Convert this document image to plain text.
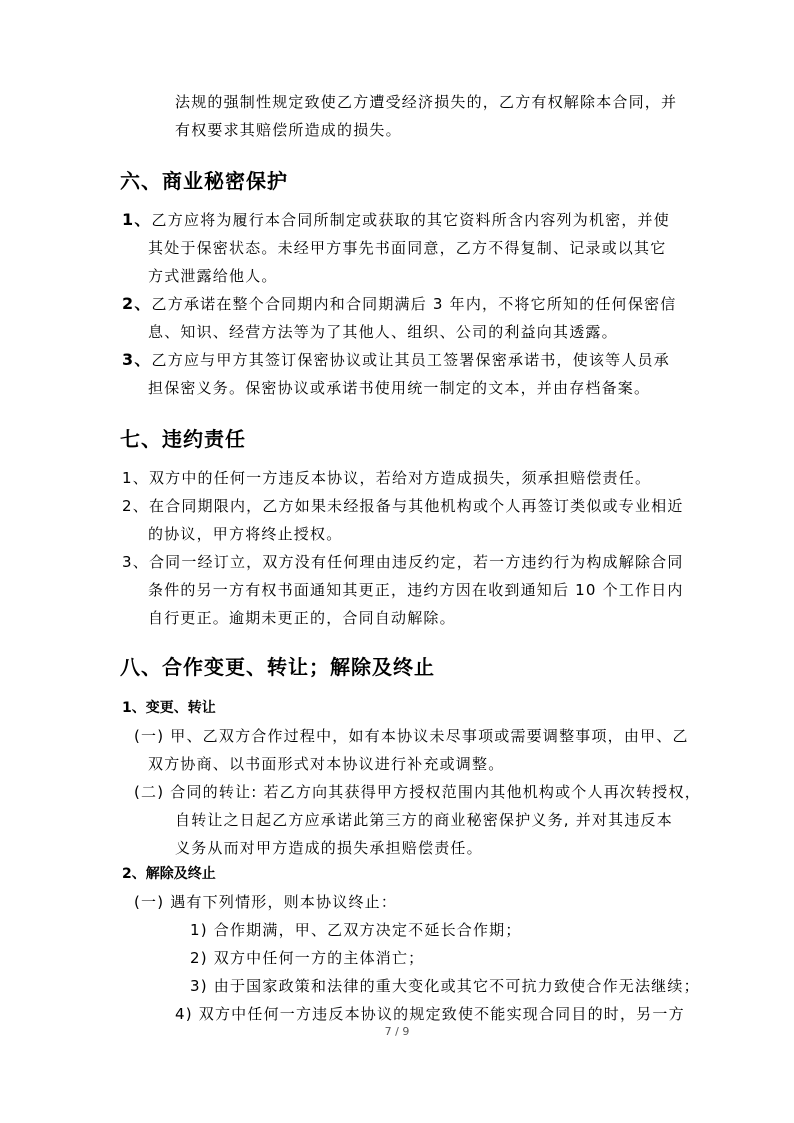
法规的强制性规定致使乙方遭受经济损失的，乙方有权解除本合同，并
有权要求其赔偿所造成的损失。
六、商业秘密保护
1、乙方应将为履行本合同所制定或获取的其它资料所含内容列为机密，并使
其处于保密状态。未经甲方事先书面同意，乙方不得复制、记录或以其它
方式泄露给他人。
2、乙方承诺在整个合同期内和合同期满后 3 年内，不将它所知的任何保密信
息、知识、经营方法等为了其他人、组织、公司的利益向其透露。
3、乙方应与甲方其签订保密协议或让其员工签署保密承诺书，使该等人员承
担保密义务。保密协议或承诺书使用统一制定的文本，并由存档备案。
七、违约责任
1、双方中的任何一方违反本协议，若给对方造成损失，须承担赔偿责任。
2、在合同期限内，乙方如果未经报备与其他机构或个人再签订类似或专业相近
的协议，甲方将终止授权。
3、合同一经订立，双方没有任何理由违反约定，若一方违约行为构成解除合同
条件的另一方有权书面通知其更正，违约方因在收到通知后 10 个工作日内
自行更正。逾期未更正的，合同自动解除。
八、合作变更、转让；解除及终止
1、变更、转让
(一) 甲、乙双方合作过程中，如有本协议未尽事项或需要调整事项，由甲、乙
双方协商、以书面形式对本协议进行补充或调整。
(二) 合同的转让: 若乙方向其获得甲方授权范围内其他机构或个人再次转授权，
自转让之日起乙方应承诺此第三方的商业秘密保护义务, 并对其违反本
义务从而对甲方造成的损失承担赔偿责任。
2、解除及终止
(一) 遇有下列情形，则本协议终止：
1) 合作期满，甲、乙双方决定不延长合作期；
2) 双方中任何一方的主体消亡；
3) 由于国家政策和法律的重大变化或其它不可抗力致使合作无法继续；
4) 双方中任何一方违反本协议的规定致使不能实现合同目的时，另一方
7 / 9
